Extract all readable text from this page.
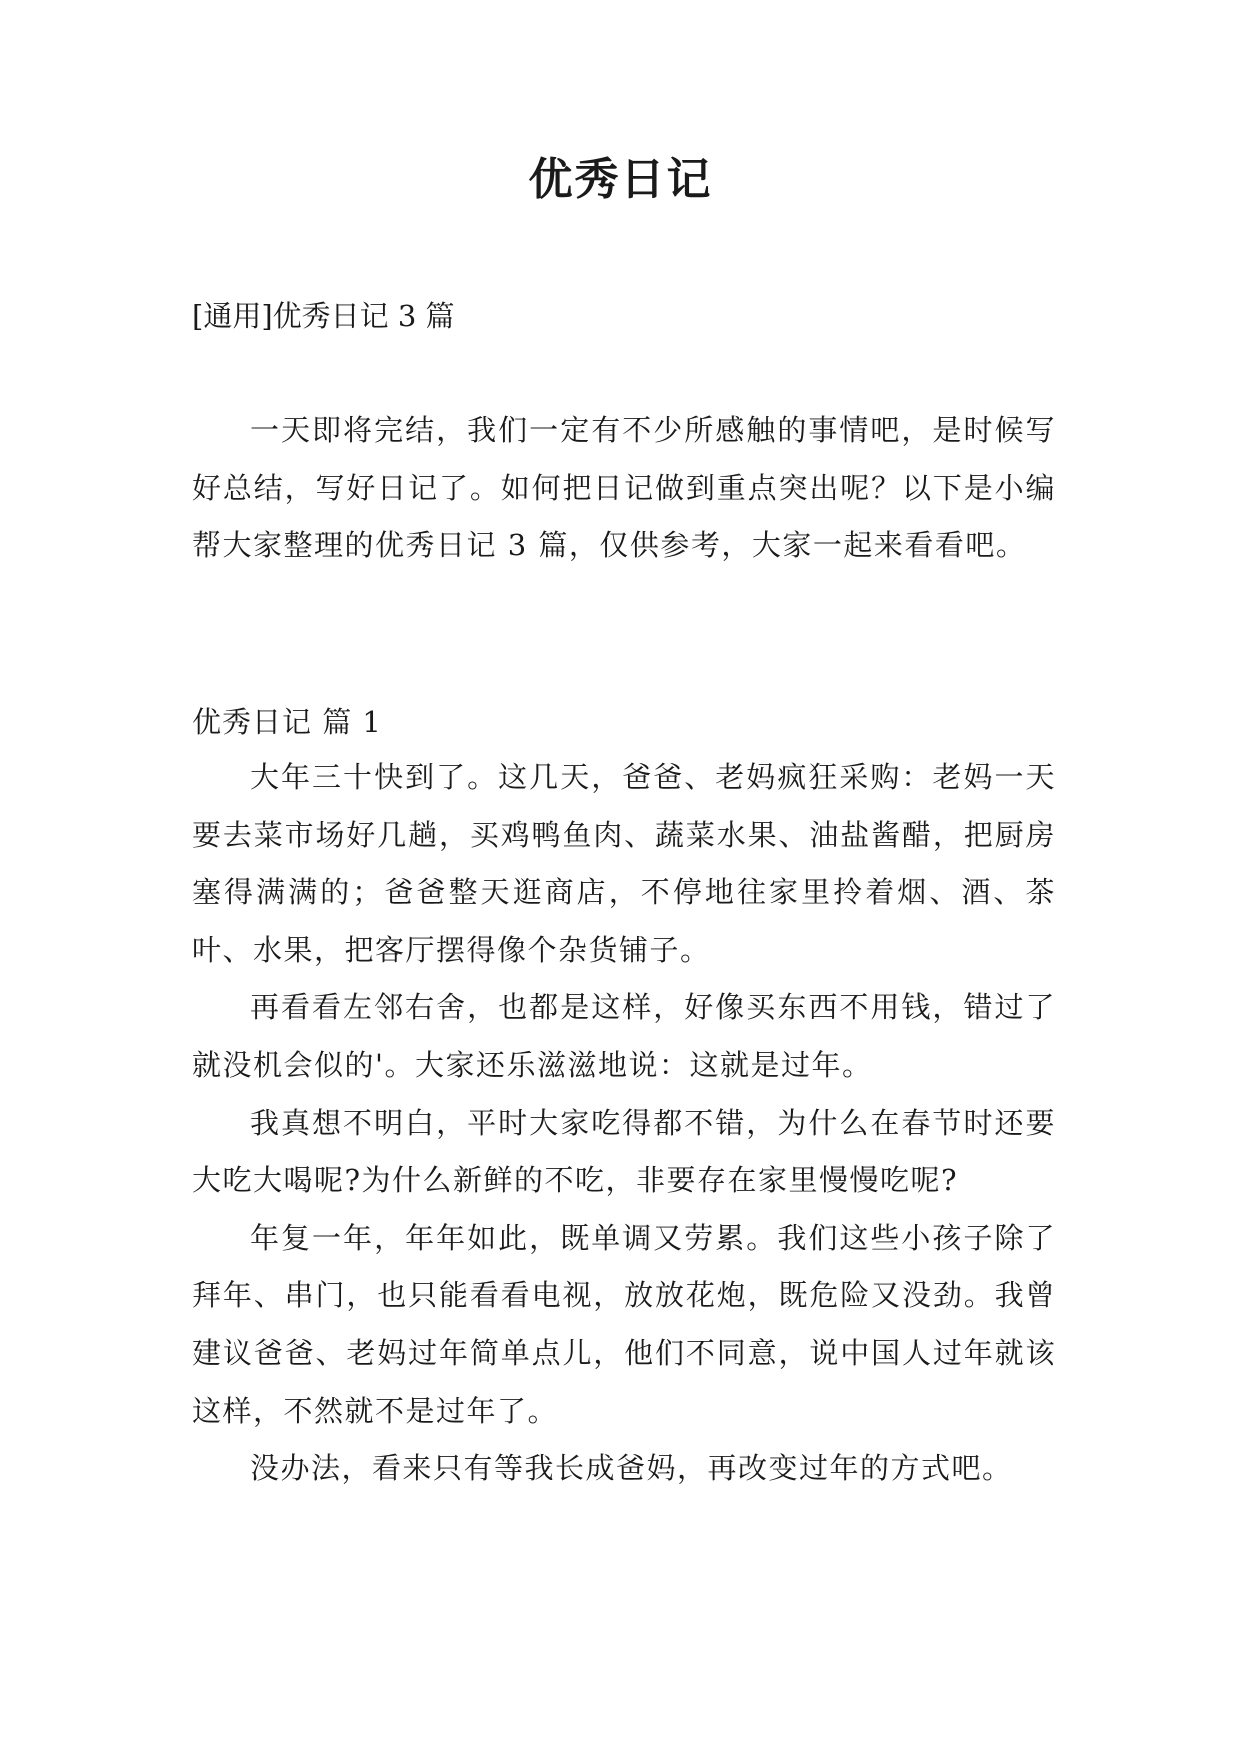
优秀日记
[通用]优秀日记 3 篇

一天即将完结，我们一定有不少所感触的事情吧，是时候写好总结，写好日记了。如何把日记做到重点突出呢？以下是小编帮大家整理的优秀日记 3 篇，仅供参考，大家一起来看看吧。

优秀日记 篇 1

大年三十快到了。这几天，爸爸、老妈疯狂采购：老妈一天要去菜市场好几趟，买鸡鸭鱼肉、蔬菜水果、油盐酱醋，把厨房塞得满满的；爸爸整天逛商店，不停地往家里拎着烟、酒、茶叶、水果，把客厅摆得像个杂货铺子。

再看看左邻右舍，也都是这样，好像买东西不用钱，错过了就没机会似的'。大家还乐滋滋地说：这就是过年。

我真想不明白，平时大家吃得都不错，为什么在春节时还要大吃大喝呢?为什么新鲜的不吃，非要存在家里慢慢吃呢?

年复一年，年年如此，既单调又劳累。我们这些小孩子除了拜年、串门，也只能看看电视，放放花炮，既危险又没劲。我曾建议爸爸、老妈过年简单点儿，他们不同意，说中国人过年就该这样，不然就不是过年了。

没办法，看来只有等我长成爸妈，再改变过年的方式吧。
